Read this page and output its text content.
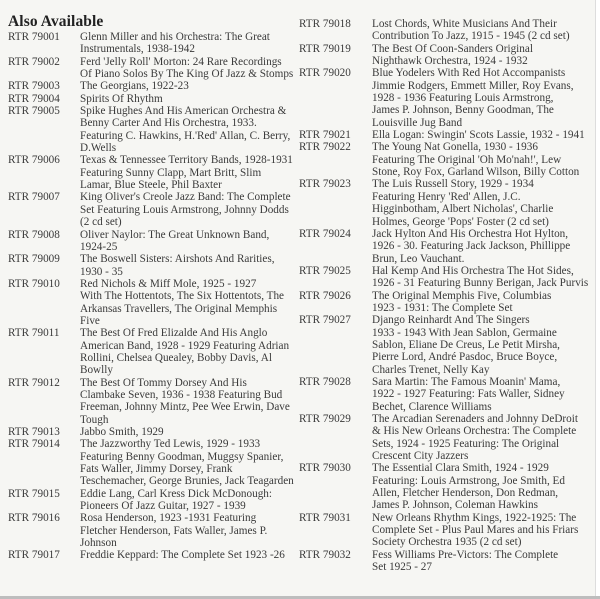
Also Available
RTR 79001	Glenn Miller and his Orchestra: The Great
Instrumentals, 1938-1942
RTR 79002	Ferd 'Jelly Roll' Morton: 24 Rare Recordings
Of Piano Solos By The King Of Jazz & Stomps
RTR 79003	The Georgians, 1922-23
RTR 79004	Spirits Of Rhythm
RTR 79005	Spike Hughes And His American Orchestra &
Benny Carter And His Orchestra, 1933.
Featuring C. Hawkins, H.'Red' Allan, C. Berry,
D.Wells
RTR 79006	Texas & Tennessee Territory Bands, 1928-1931
Featuring Sunny Clapp, Mart Britt, Slim
Lamar, Blue Steele, Phil Baxter
RTR 79007	King Oliver's Creole Jazz Band: The Complete
Set Featuring Louis Armstrong, Johnny Dodds
(2 cd set)
RTR 79008	Oliver Naylor: The Great Unknown Band,
1924-25
RTR 79009	The Boswell Sisters: Airshots And Rarities,
1930 - 35
RTR 79010	Red Nichols & Miff Mole, 1925 - 1927
With The Hottentots, The Six Hottentots, The
Arkansas Travellers, The Original Memphis
Five
RTR 79011	The Best Of Fred Elizalde And His Anglo
American Band, 1928 - 1929 Featuring Adrian
Rollini, Chelsea Quealey, Bobby Davis, Al
Bowlly
RTR 79012	The Best Of Tommy Dorsey And His
Clambake Seven, 1936 - 1938 Featuring Bud
Freeman, Johnny Mintz, Pee Wee Erwin, Dave
Tough
RTR 79013	Jabbo Smith, 1929
RTR 79014	The Jazzworthy Ted Lewis, 1929 - 1933
Featuring Benny Goodman, Muggsy Spanier,
Fats Waller, Jimmy Dorsey, Frank
Teschemacher, George Brunies, Jack Teagarden
RTR 79015	Eddie Lang, Carl Kress Dick McDonough:
Pioneers Of Jazz Guitar, 1927 - 1939
RTR 79016	Rosa Henderson, 1923 -1931 Featuring
Fletcher Henderson, Fats Waller, James P.
Johnson
RTR 79017	Freddie Keppard: The Complete Set 1923 -26
RTR 79018	Lost Chords, White Musicians And Their
Contribution To Jazz, 1915 - 1945 (2 cd set)
RTR 79019	The Best Of Coon-Sanders Original
Nighthawk Orchestra, 1924 - 1932
RTR 79020	Blue Yodelers With Red Hot Accompanists
Jimmie Rodgers, Emmett Miller, Roy Evans,
1928 - 1936 Featuring Louis Armstrong,
James P. Johnson, Benny Goodman, The
Louisville Jug Band
RTR 79021	Ella Logan: Swingin' Scots Lassie, 1932 - 1941
RTR 79022	The Young Nat Gonella, 1930 - 1936
Featuring The Original 'Oh Mo'nah!', Lew
Stone, Roy Fox, Garland Wilson, Billy Cotton
RTR 79023	The Luis Russell Story, 1929 - 1934
Featuring Henry 'Red' Allen, J.C.
Higginbotham, Albert Nicholas', Charlie
Holmes, George 'Pops' Foster (2 cd set)
RTR 79024	Jack Hylton And His Orchestra Hot Hylton,
1926 - 30. Featuring Jack Jackson, Phillippe
Brun, Leo Vauchant.
RTR 79025	Hal Kemp And His Orchestra The Hot Sides,
1926 - 31 Featuring Bunny Berigan, Jack Purvis
RTR 79026	The Original Memphis Five, Columbias
1923 - 1931: The Complete Set
RTR 79027	Django Reinhardt And The Singers
1933 - 1943 With Jean Sablon, Germaine
Sablon, Eliane De Creus, Le Petit Mirsha,
Pierre Lord, André Pasdoc, Bruce Boyce,
Charles Trenet, Nelly Kay
RTR 79028	Sara Martin: The Famous Moanin' Mama,
1922 - 1927 Featuring: Fats Waller, Sidney
Bechet, Clarence Williams
RTR 79029	The Arcadian Serenaders and Johnny DeDroit
& His New Orleans Orchestra: The Complete
Sets, 1924 - 1925 Featuring: The Original
Crescent City Jazzers
RTR 79030	The Essential Clara Smith, 1924 - 1929
Featuring: Louis Armstrong, Joe Smith, Ed
Allen, Fletcher Henderson, Don Redman,
James P. Johnson, Coleman Hawkins
RTR 79031	New Orleans Rhythm Kings, 1922-1925: The
Complete Set - Plus Paul Mares and his Friars
Society Orchestra 1935 (2 cd set)
RTR 79032	Fess Williams Pre-Victors: The Complete
Set 1925 - 27
